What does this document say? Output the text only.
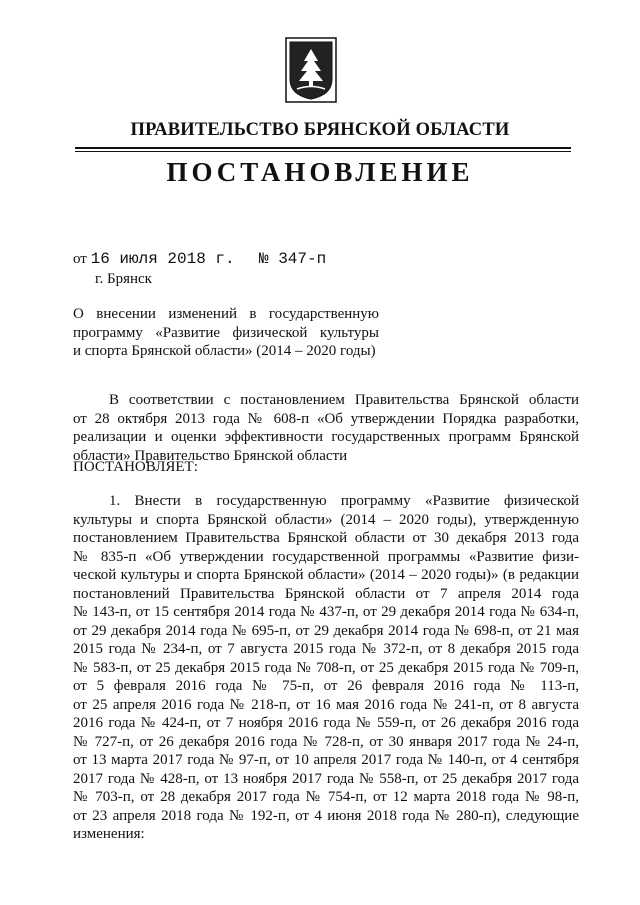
ПРАВИТЕЛЬСТВО БРЯНСКОЙ ОБЛАСТИ
ПОСТАНОВЛЕНИЕ
от 16 июля 2018 г. № 347-п
г. Брянск
О внесении изменений в государственную
программу «Развитие физической культуры
и спорта Брянской области» (2014 – 2020 годы)
В соответствии с постановлением Правительства Брянской области
от 28 октября 2013 года № 608-п «Об утверждении Порядка разработки,
реализации и оценки эффективности государственных программ Брянской
области» Правительство Брянской области
ПОСТАНОВЛЯЕТ:
1. Внести в государственную программу «Развитие физической
культуры и спорта Брянской области» (2014 – 2020 годы), утвержденную
постановлением Правительства Брянской области от 30 декабря 2013 года
№ 835-п «Об утверждении государственной программы «Развитие физи-
ческой культуры и спорта Брянской области» (2014 – 2020 годы)» (в редакции
постановлений Правительства Брянской области от 7 апреля 2014 года
№ 143-п, от 15 сентября 2014 года № 437-п, от 29 декабря 2014 года № 634-п,
от 29 декабря 2014 года № 695-п, от 29 декабря 2014 года № 698-п, от 21 мая
2015 года № 234-п, от 7 августа 2015 года № 372-п, от 8 декабря 2015 года
№ 583-п, от 25 декабря 2015 года № 708-п, от 25 декабря 2015 года № 709-п,
от 5 февраля 2016 года № 75-п, от 26 февраля 2016 года № 113-п,
от 25 апреля 2016 года № 218-п, от 16 мая 2016 года № 241-п, от 8 августа
2016 года № 424-п, от 7 ноября 2016 года № 559-п, от 26 декабря 2016 года
№ 727-п, от 26 декабря 2016 года № 728-п, от 30 января 2017 года № 24-п,
от 13 марта 2017 года № 97-п, от 10 апреля 2017 года № 140-п, от 4 сентября
2017 года № 428-п, от 13 ноября 2017 года № 558-п, от 25 декабря 2017 года
№ 703-п, от 28 декабря 2017 года № 754-п, от 12 марта 2018 года № 98-п,
от 23 апреля 2018 года № 192-п, от 4 июня 2018 года № 280-п), следующие
изменения:
